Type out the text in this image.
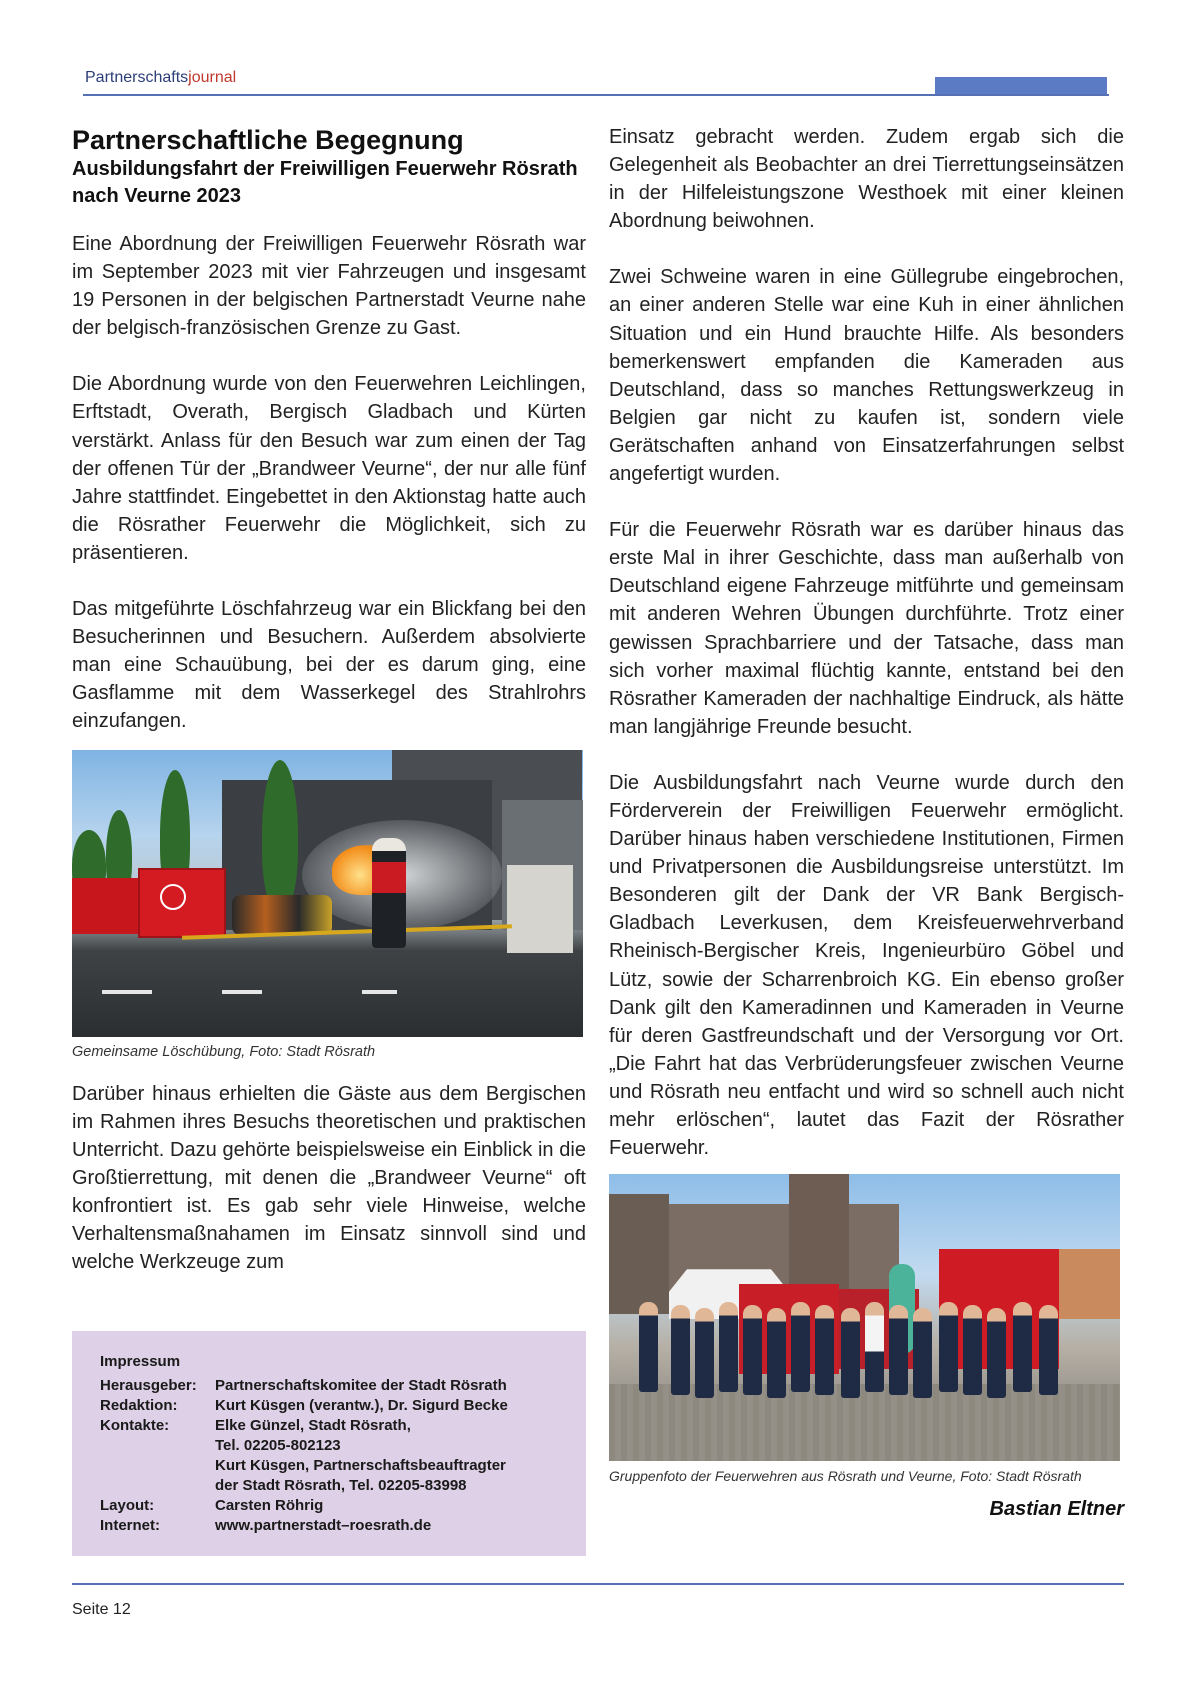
Partnerschaftsjournal
Partnerschaftliche Begegnung
Ausbildungsfahrt der Freiwilligen Feuerwehr Rösrath nach Veurne 2023

Eine Abordnung der Freiwilligen Feuerwehr Rösrath war im September 2023 mit vier Fahrzeugen und insgesamt 19 Personen in der belgischen Partnerstadt Veurne nahe der belgisch-französischen Grenze zu Gast.

Die Abordnung wurde von den Feuerwehren Leichlingen, Erftstadt, Overath, Bergisch Gladbach und Kürten verstärkt. Anlass für den Besuch war zum einen der Tag der offenen Tür der „Brandweer Veurne“, der nur alle fünf Jahre stattfindet. Eingebettet in den Aktionstag hatte auch die Rösrather Feuerwehr die Möglichkeit, sich zu präsentieren.

Das mitgeführte Löschfahrzeug war ein Blickfang bei den Besucherinnen und Besuchern. Außerdem absolvierte man eine Schauübung, bei der es darum ging, eine Gasflamme mit dem Wasserkegel des Strahlrohrs einzufangen.

Gemeinsame Löschübung, Foto: Stadt Rösrath

Darüber hinaus erhielten die Gäste aus dem Bergischen im Rahmen ihres Besuchs theoretischen und praktischen Unterricht. Dazu gehörte beispielsweise ein Einblick in die Großtierrettung, mit denen die „Brandweer Veurne“ oft konfrontiert ist. Es gab sehr viele Hinweise, welche Verhaltensmaßnahamen im Einsatz sinnvoll sind und welche Werkzeuge zum

Einsatz gebracht werden. Zudem ergab sich die Gelegenheit als Beobachter an drei Tierrettungseinsätzen in der Hilfeleistungszone Westhoek mit einer kleinen Abordnung beiwohnen.

Zwei Schweine waren in eine Güllegrube eingebrochen, an einer anderen Stelle war eine Kuh in einer ähnlichen Situation und ein Hund brauchte Hilfe. Als besonders bemerkenswert empfanden die Kameraden aus Deutschland, dass so manches Rettungswerkzeug in Belgien gar nicht zu kaufen ist, sondern viele Gerätschaften anhand von Einsatzerfahrungen selbst angefertigt wurden.

Für die Feuerwehr Rösrath war es darüber hinaus das erste Mal in ihrer Geschichte, dass man außerhalb von Deutschland eigene Fahrzeuge mitführte und gemeinsam mit anderen Wehren Übungen durchführte. Trotz einer gewissen Sprachbarriere und der Tatsache, dass man sich vorher maximal flüchtig kannte, entstand bei den Rösrather Kameraden der nachhaltige Eindruck, als hätte man langjährige Freunde besucht.

Die Ausbildungsfahrt nach Veurne wurde durch den Förderverein der Freiwilligen Feuerwehr ermöglicht. Darüber hinaus haben verschiedene Institutionen, Firmen und Privatpersonen die Ausbildungsreise unterstützt. Im Besonderen gilt der Dank der VR Bank Bergisch-Gladbach Leverkusen, dem Kreisfeuerwehrverband Rheinisch-Bergischer Kreis, Ingenieurbüro Göbel und Lütz, sowie der Scharrenbroich KG. Ein ebenso großer Dank gilt den Kameradinnen und Kameraden in Veurne für deren Gastfreundschaft und der Versorgung vor Ort. „Die Fahrt hat das Verbrüderungsfeuer zwischen Veurne und Rösrath neu entfacht und wird so schnell auch nicht mehr erlöschen“, lautet das Fazit der Rösrather Feuerwehr.

Gruppenfoto der Feuerwehren aus Rösrath und Veurne, Foto: Stadt Rösrath

Bastian Eltner

Impressum

Herausgeber:	Partnerschaftskomitee der Stadt Rösrath
Redaktion:	Kurt Küsgen (verantw.), Dr. Sigurd Becke
Kontakte:	Elke Günzel, Stadt Rösrath,
Tel. 02205-802123
Kurt Küsgen, Partnerschaftsbeauftragter
der Stadt Rösrath, Tel. 02205-83998
Layout:	Carsten Röhrig
Internet:	www.partnerstadt–roesrath.de
Seite 12
